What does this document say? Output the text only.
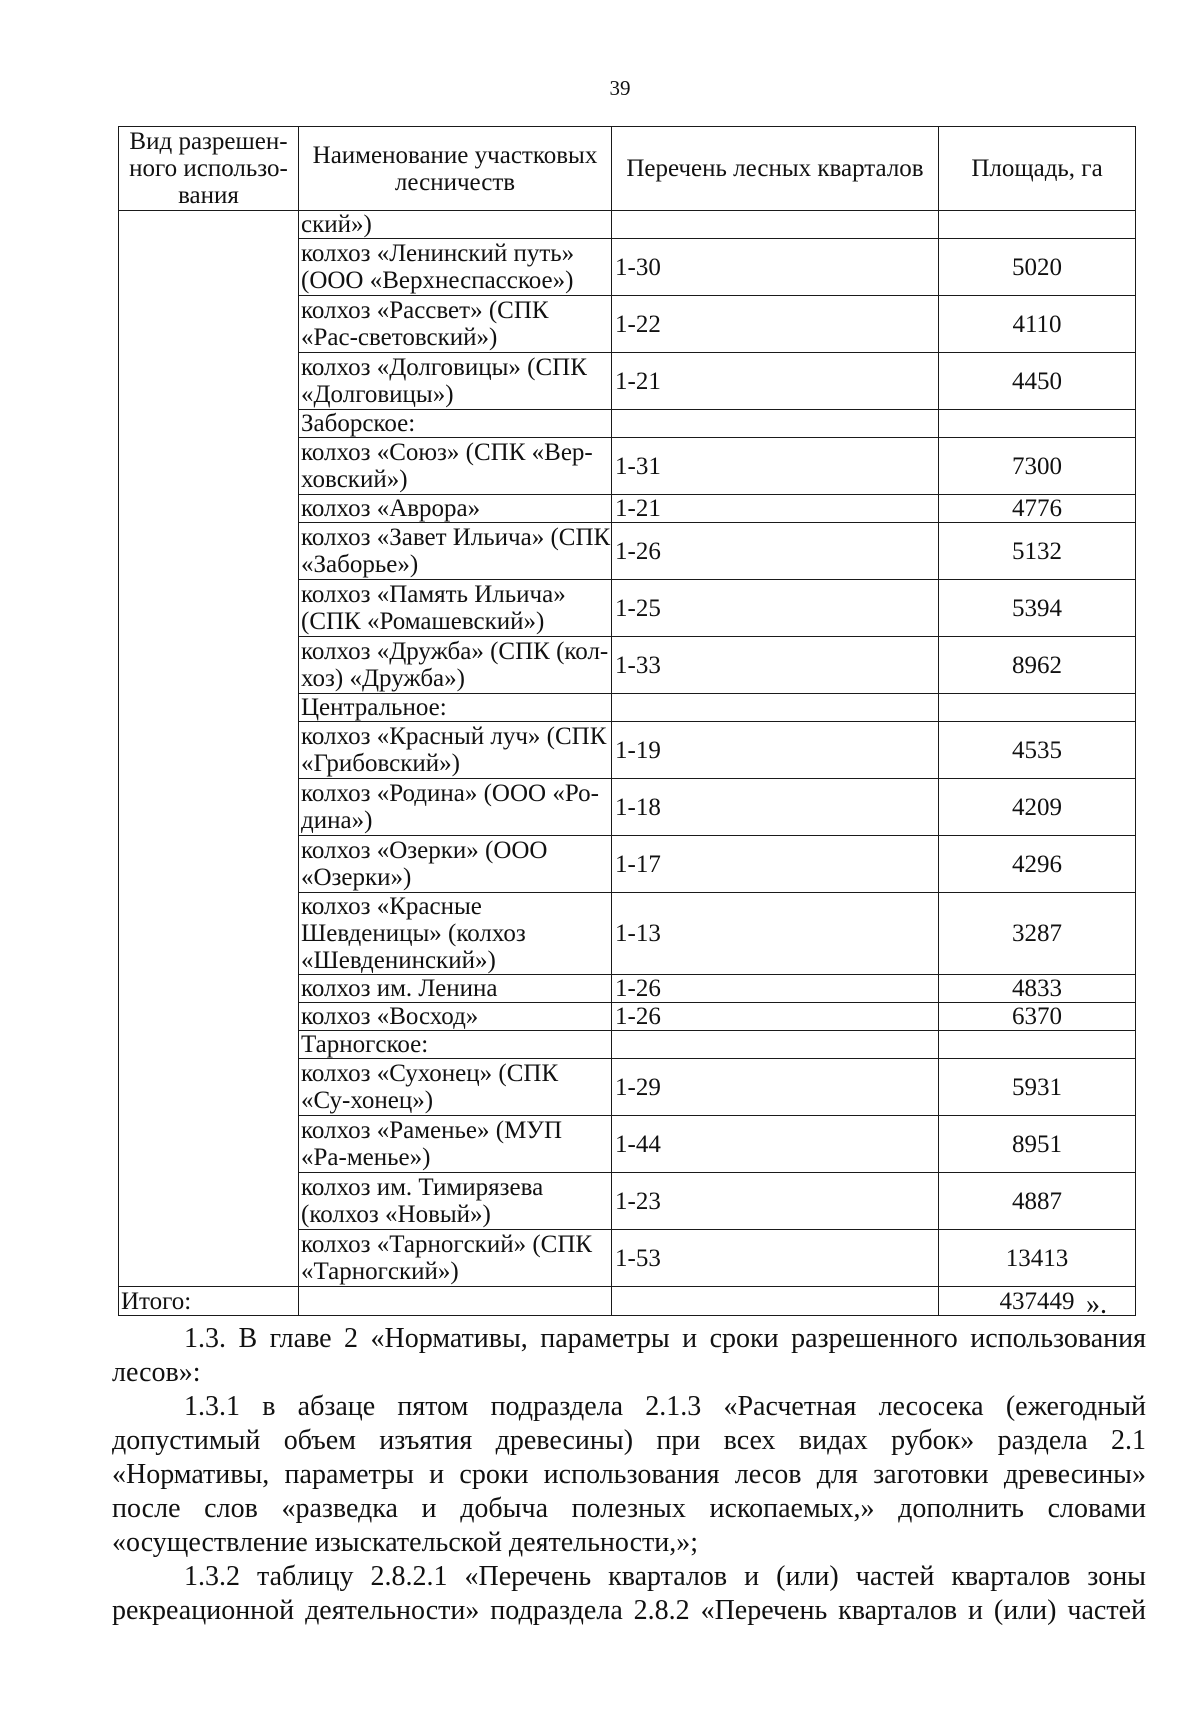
39
Вид разрешен-ного использо-вания	Наименование участковых лесничеств	Перечень лесных кварталов	Площадь, га
	ский»)		
	колхоз «Ленинский путь» (ООО «Верхнеспасское»)	1-30	5020
	колхоз «Рассвет» (СПК «Рас-световский»)	1-22	4110
	колхоз «Долговицы» (СПК «Долговицы»)	1-21	4450
	Заборское:		
	колхоз «Союз» (СПК «Вер-ховский»)	1-31	7300
	колхоз «Аврора»	1-21	4776
	колхоз «Завет Ильича» (СПК «Заборье»)	1-26	5132
	колхоз «Память Ильича» (СПК «Ромашевский»)	1-25	5394
	колхоз «Дружба» (СПК (кол-хоз) «Дружба»)	1-33	8962
	Центральное:		
	колхоз «Красный луч» (СПК «Грибовский»)	1-19	4535
	колхоз «Родина» (ООО «Ро-дина»)	1-18	4209
	колхоз «Озерки» (ООО «Озерки»)	1-17	4296
	колхоз «Красные Шевденицы» (колхоз «Шевденинский»)	1-13	3287
	колхоз им. Ленина	1-26	4833
	колхоз «Восход»	1-26	6370
	Тарногское:		
	колхоз «Сухонец» (СПК «Су-хонец»)	1-29	5931
	колхоз «Раменье» (МУП «Ра-менье»)	1-44	8951
	колхоз им. Тимирязева (колхоз «Новый»)	1-23	4887
	колхоз «Тарногский» (СПК «Тарногский»)	1-53	13413
Итого:			437449 ».

1.3. В главе 2 «Нормативы, параметры и сроки разрешенного использования лесов»:

1.3.1 в абзаце пятом подраздела 2.1.3 «Расчетная лесосека (ежегодный допустимый объем изъятия древесины) при всех видах рубок» раздела 2.1 «Нормативы, параметры и сроки использования лесов для заготовки древесины» после слов «разведка и добыча полезных ископаемых,» дополнить словами «осуществление изыскательской деятельности,»;

1.3.2 таблицу 2.8.2.1 «Перечень кварталов и (или) частей кварталов зоны рекреационной деятельности» подраздела 2.8.2 «Перечень кварталов и (или) частей
